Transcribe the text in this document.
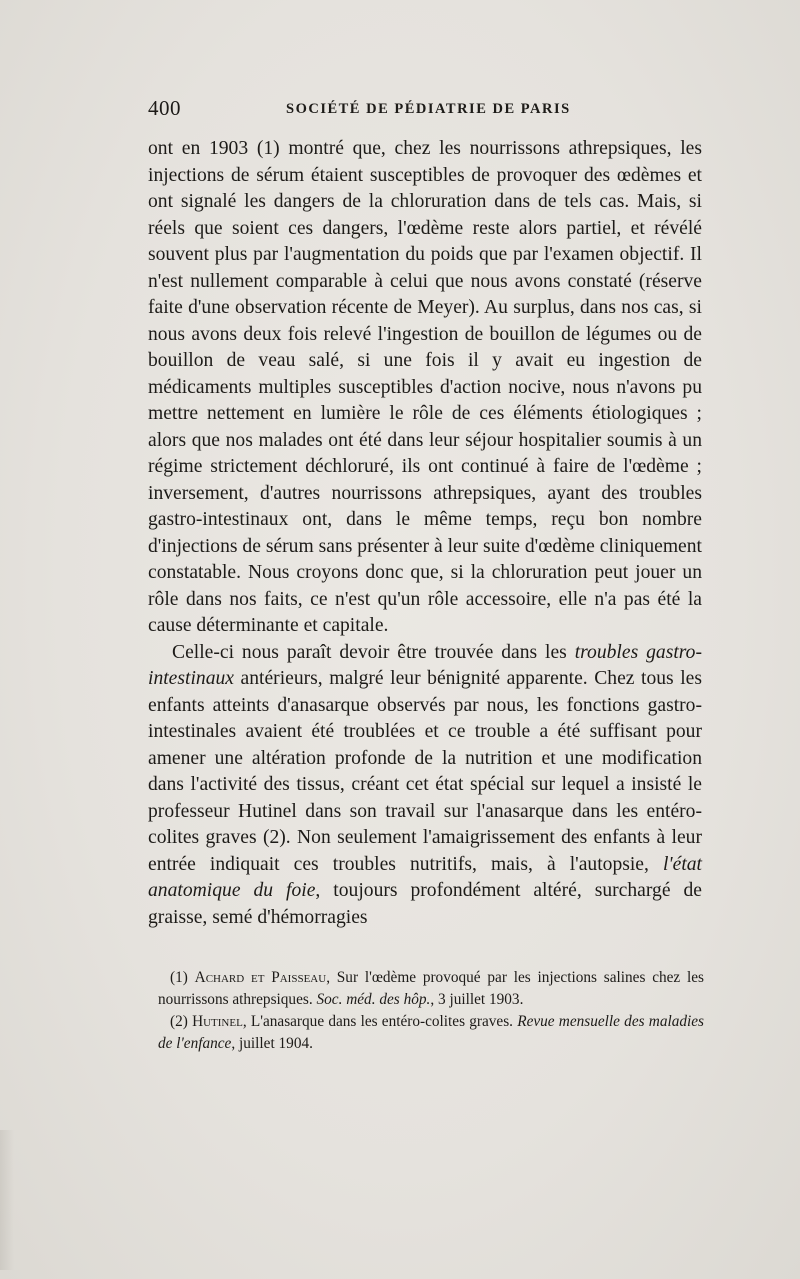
400	SOCIÉTÉ DE PÉDIATRIE DE PARIS

ont en 1903 (1) montré que, chez les nourrissons athrepsiques, les injections de sérum étaient susceptibles de provoquer des œdèmes et ont signalé les dangers de la chloruration dans de tels cas. Mais, si réels que soient ces dangers, l'œdème reste alors partiel, et révélé souvent plus par l'augmentation du poids que par l'examen objectif. Il n'est nullement comparable à celui que nous avons constaté (réserve faite d'une observation récente de Meyer). Au surplus, dans nos cas, si nous avons deux fois relevé l'ingestion de bouillon de légumes ou de bouillon de veau salé, si une fois il y avait eu ingestion de médicaments multiples susceptibles d'action nocive, nous n'avons pu mettre nettement en lumière le rôle de ces éléments étiologiques ; alors que nos malades ont été dans leur séjour hospitalier soumis à un régime strictement déchloruré, ils ont continué à faire de l'œdème ; inversement, d'autres nourrissons athrepsiques, ayant des troubles gastro-intestinaux ont, dans le même temps, reçu bon nombre d'injections de sérum sans présenter à leur suite d'œdème cliniquement constatable. Nous croyons donc que, si la chloruration peut jouer un rôle dans nos faits, ce n'est qu'un rôle accessoire, elle n'a pas été la cause déterminante et capitale.

Celle-ci nous paraît devoir être trouvée dans les troubles gastro-intestinaux antérieurs, malgré leur bénignité apparente. Chez tous les enfants atteints d'anasarque observés par nous, les fonctions gastro-intestinales avaient été troublées et ce trouble a été suffisant pour amener une altération profonde de la nutrition et une modification dans l'activité des tissus, créant cet état spécial sur lequel a insisté le professeur Hutinel dans son travail sur l'anasarque dans les entéro-colites graves (2). Non seulement l'amaigrissement des enfants à leur entrée indiquait ces troubles nutritifs, mais, à l'autopsie, l'état anatomique du foie, toujours profondément altéré, surchargé de graisse, semé d'hémorragies

(1) Achard et Paisseau, Sur l'œdème provoqué par les injections salines chez les nourrissons athrepsiques. Soc. méd. des hôp., 3 juillet 1903.

(2) Hutinel, L'anasarque dans les entéro-colites graves. Revue mensuelle des maladies de l'enfance, juillet 1904.
